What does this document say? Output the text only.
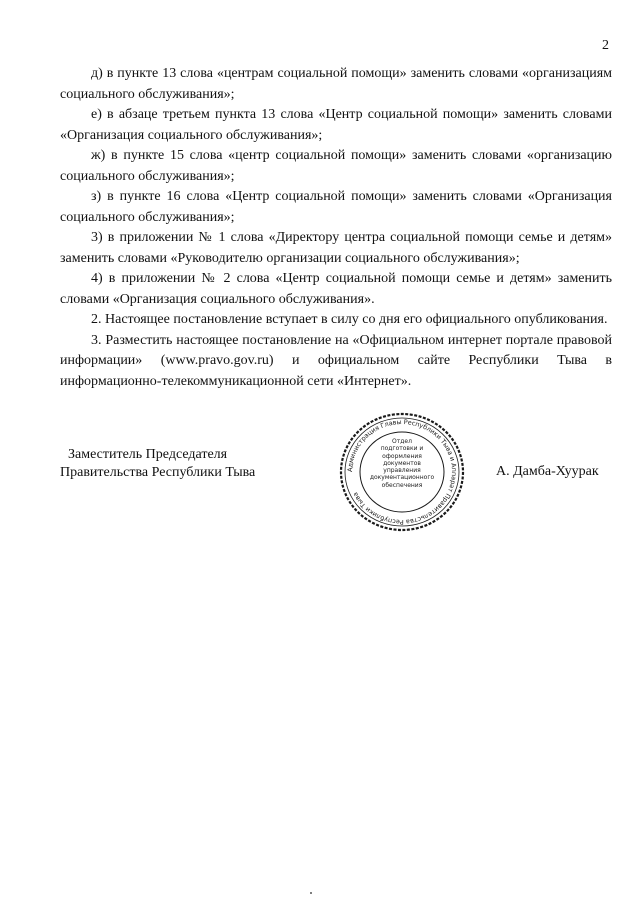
2

д) в пункте 13 слова «центрам социальной помощи» заменить словами «организациям социального обслуживания»;

е) в абзаце третьем пункта 13 слова «Центр социальной помощи» заменить словами «Организация социального обслуживания»;

ж) в пункте 15 слова «центр социальной помощи» заменить словами «организацию социального обслуживания»;

з) в пункте 16 слова «Центр социальной помощи» заменить словами «Организация социального обслуживания»;

3) в приложении № 1 слова «Директору центра социальной помощи семье и детям» заменить словами «Руководителю организации социального обслуживания»;

4) в приложении № 2 слова «Центр социальной помощи семье и детям» заменить словами «Организация социального обслуживания».

2. Настоящее постановление вступает в силу со дня его официального опубликования.

3. Разместить настоящее постановление на «Официальном интернет портале правовой информации» (www.pravo.gov.ru) и официальном сайте Республики Тыва в информационно-телекоммуникационной сети «Интернет».

Заместитель Председателя
Правительства Республики Тыва	Администрация Главы Республики Тыва и Аппарат Правительства Республики Тыва
Отдел
подготовки и
оформления документов
управления
документационного
обеспечения
А. Дамба-Хуурак
